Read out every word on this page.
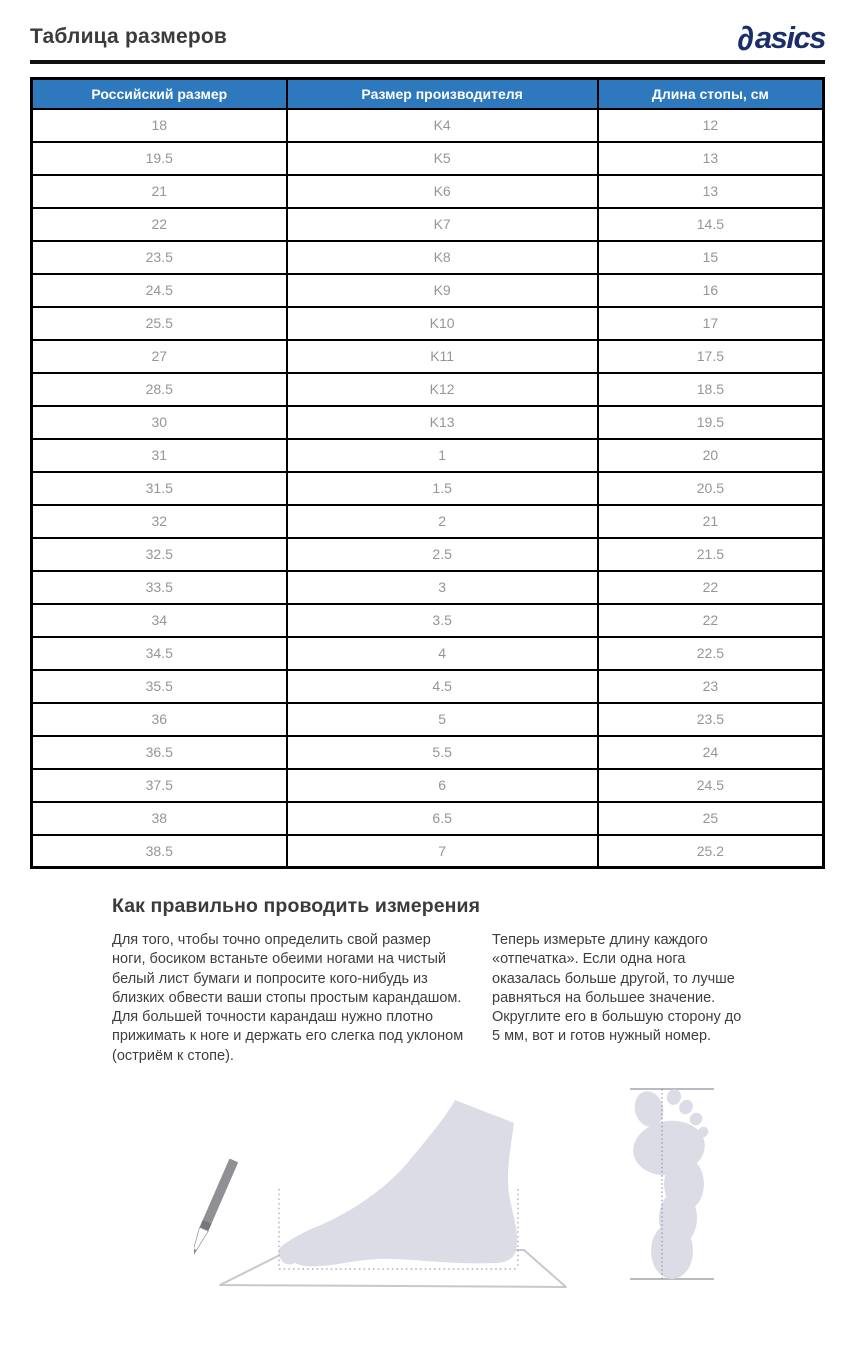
Таблица размеров	∂ asics
Российский размер	Размер производителя	Длина стопы, см
18	K4	12
19.5	K5	13
21	K6	13
22	K7	14.5
23.5	K8	15
24.5	K9	16
25.5	K10	17
27	K11	17.5
28.5	K12	18.5
30	K13	19.5
31	1	20
31.5	1.5	20.5
32	2	21
32.5	2.5	21.5
33.5	3	22
34	3.5	22
34.5	4	22.5
35.5	4.5	23
36	5	23.5
36.5	5.5	24
37.5	6	24.5
38	6.5	25
38.5	7	25.2
Как правильно проводить измерения

Для того, чтобы точно определить свой размер ноги, босиком встаньте обеими ногами на чистый белый лист бумаги и попросите кого-нибудь из близких обвести ваши стопы простым карандашом. Для большей точности карандаш нужно плотно прижимать к ноге и держать его слегка под уклоном (остриём к стопе).

Теперь измерьте длину каждого «отпечатка». Если одна нога оказалась больше другой, то лучше равняться на большее значение. Округлите его в большую сторону до 5 мм, вот и готов нужный номер.
